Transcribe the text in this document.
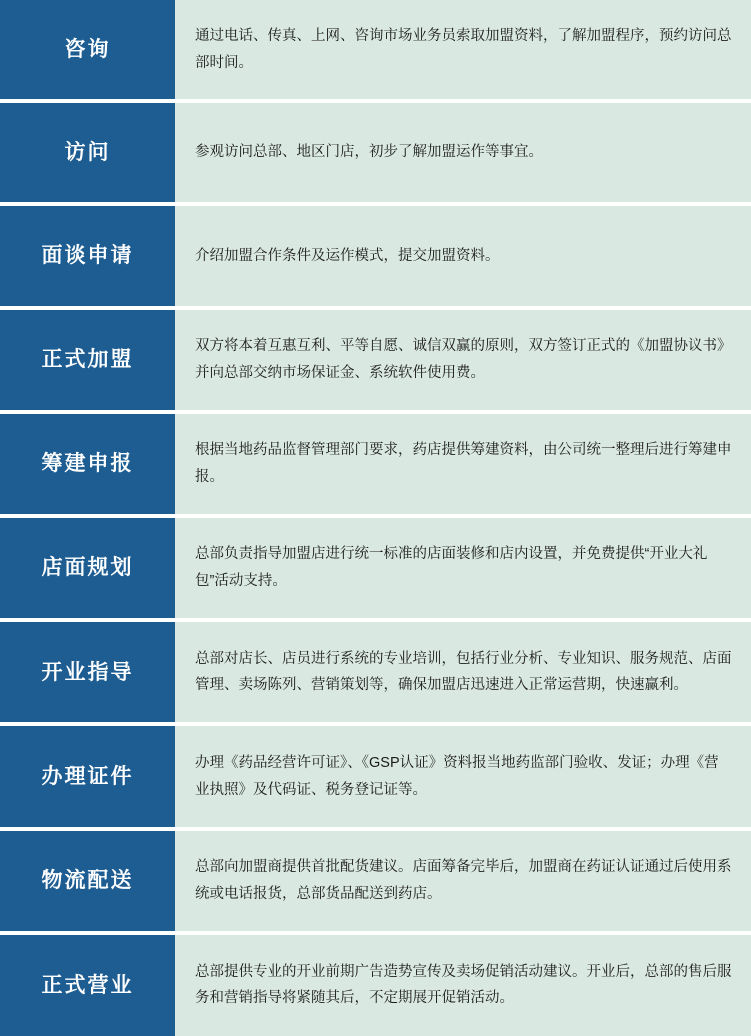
咨询
通过电话、传真、上网、咨询市场业务员索取加盟资料，了解加盟程序，预约访问总部时间。
访问	参观访问总部、地区门店，初步了解加盟运作等事宜。
面谈申请	介绍加盟合作条件及运作模式，提交加盟资料。
正式加盟
双方将本着互惠互利、平等自愿、诚信双赢的原则，双方签订正式的《加盟协议书》并向总部交纳市场保证金、系统软件使用费。
筹建申报
根据当地药品监督管理部门要求，药店提供筹建资料，由公司统一整理后进行筹建申报。
店面规划
总部负责指导加盟店进行统一标准的店面装修和店内设置，并免费提供“开业大礼包”活动支持。
开业指导
总部对店长、店员进行系统的专业培训，包括行业分析、专业知识、服务规范、店面管理、卖场陈列、营销策划等，确保加盟店迅速进入正常运营期，快速赢利。
办理证件
办理《药品经营许可证》、《GSP认证》资料报当地药监部门验收、发证；办理《营业执照》及代码证、税务登记证等。
物流配送
总部向加盟商提供首批配货建议。店面筹备完毕后，加盟商在药证认证通过后使用系统或电话报货，总部货品配送到药店。
正式营业
总部提供专业的开业前期广告造势宣传及卖场促销活动建议。开业后，总部的售后服务和营销指导将紧随其后，不定期展开促销活动。
